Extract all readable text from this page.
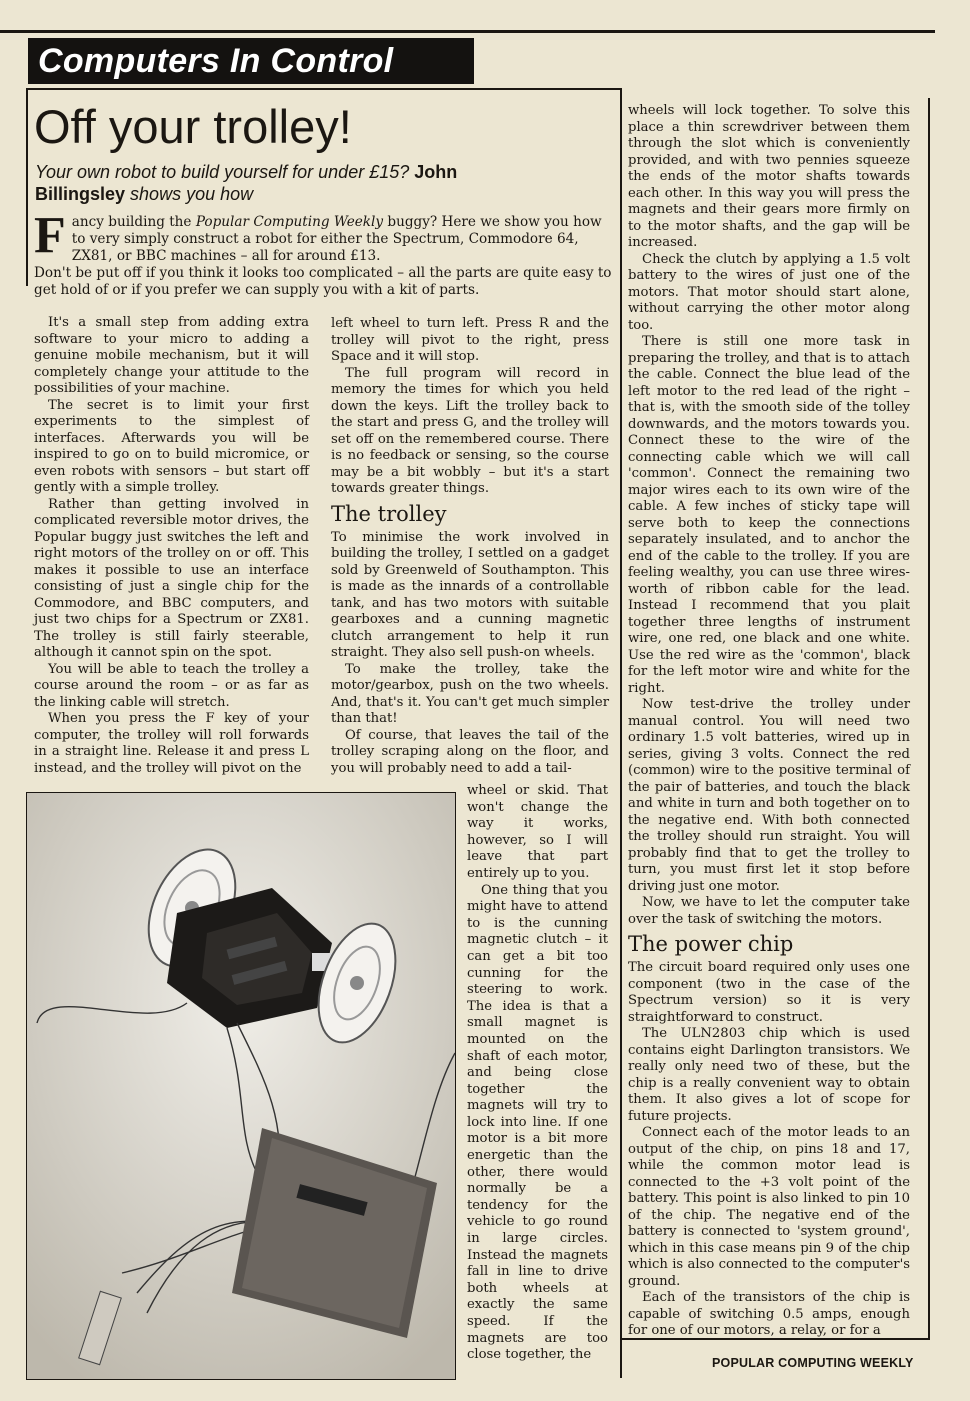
Computers In Control
Off your trolley!
Your own robot to build yourself for under £15? John Billingsley shows you how
F ancy building the Popular Computing Weekly buggy? Here we show you how to very simply construct a robot for either the Spectrum, Commodore 64, ZX81, or BBC machines – all for around £13.

Don't be put off if you think it looks too complicated – all the parts are quite easy to get hold of or if you prefer we can supply you with a kit of parts.

It's a small step from adding extra software to your micro to adding a genuine mobile mechanism, but it will completely change your attitude to the possibilities of your machine.

The secret is to limit your first experiments to the simplest of interfaces. Afterwards you will be inspired to go on to build micromice, or even robots with sensors – but start off gently with a simple trolley.

Rather than getting involved in complicated reversible motor drives, the Popular buggy just switches the left and right motors of the trolley on or off. This makes it possible to use an interface consisting of just a single chip for the Commodore, and BBC computers, and just two chips for a Spectrum or ZX81. The trolley is still fairly steerable, although it cannot spin on the spot.

You will be able to teach the trolley a course around the room – or as far as the linking cable will stretch.

When you press the F key of your computer, the trolley will roll forwards in a straight line. Release it and press L instead, and the trolley will pivot on the

left wheel to turn left. Press R and the trolley will pivot to the right, press Space and it will stop.

The full program will record in memory the times for which you held down the keys. Lift the trolley back to the start and press G, and the trolley will set off on the remembered course. There is no feedback or sensing, so the course may be a bit wobbly – but it's a start towards greater things.

The trolley

To minimise the work involved in building the trolley, I settled on a gadget sold by Greenweld of Southampton. This is made as the innards of a controllable tank, and has two motors with suitable gearboxes and a cunning magnetic clutch arrangement to help it run straight. They also sell push-on wheels.

To make the trolley, take the motor/gearbox, push on the two wheels. And, that's it. You can't get much simpler than that!

Of course, that leaves the tail of the trolley scraping along on the floor, and you will probably need to add a tail-

wheel or skid. That won't change the way it works, however, so I will leave that part entirely up to you.

One thing that you might have to attend to is the cunning magnetic clutch – it can get a bit too cunning for the steering to work. The idea is that a small magnet is mounted on the shaft of each motor, and being close together the magnets will try to lock into line. If one motor is a bit more energetic than the other, there would normally be a tendency for the vehicle to go round in large circles. Instead the magnets fall in line to drive both wheels at exactly the same speed. If the magnets are too close together, the

wheels will lock together. To solve this place a thin screwdriver between them through the slot which is conveniently provided, and with two pennies squeeze the ends of the motor shafts towards each other. In this way you will press the magnets and their gears more firmly on to the motor shafts, and the gap will be increased.

Check the clutch by applying a 1.5 volt battery to the wires of just one of the motors. That motor should start alone, without carrying the other motor along too.

There is still one more task in preparing the trolley, and that is to attach the cable. Connect the blue lead of the left motor to the red lead of the right – that is, with the smooth side of the tolley downwards, and the motors towards you. Connect these to the wire of the connecting cable which we will call 'common'. Connect the remaining two major wires each to its own wire of the cable. A few inches of sticky tape will serve both to keep the connections separately insulated, and to anchor the end of the cable to the trolley. If you are feeling wealthy, you can use three wires-worth of ribbon cable for the lead. Instead I recommend that you plait together three lengths of instrument wire, one red, one black and one white. Use the red wire as the 'common', black for the left motor wire and white for the right.

Now test-drive the trolley under manual control. You will need two ordinary 1.5 volt batteries, wired up in series, giving 3 volts. Connect the red (common) wire to the positive terminal of the pair of batteries, and touch the black and white in turn and both together on to the negative end. With both connected the trolley should run straight. You will probably find that to get the trolley to turn, you must first let it stop before driving just one motor.

Now, we have to let the computer take over the task of switching the motors.

The power chip

The circuit board required only uses one component (two in the case of the Spectrum version) so it is very straightforward to construct.

The ULN2803 chip which is used contains eight Darlington transistors. We really only need two of these, but the chip is a really convenient way to obtain them. It also gives a lot of scope for future projects.

Connect each of the motor leads to an output of the chip, on pins 18 and 17, while the common motor lead is connected to the +3 volt point of the battery. This point is also linked to pin 10 of the chip. The negative end of the battery is connected to 'system ground', which in this case means pin 9 of the chip which is also connected to the computer's ground.

Each of the transistors of the chip is capable of switching 0.5 amps, enough for one of our motors, a relay, or for a

POPULAR COMPUTING WEEKLY
